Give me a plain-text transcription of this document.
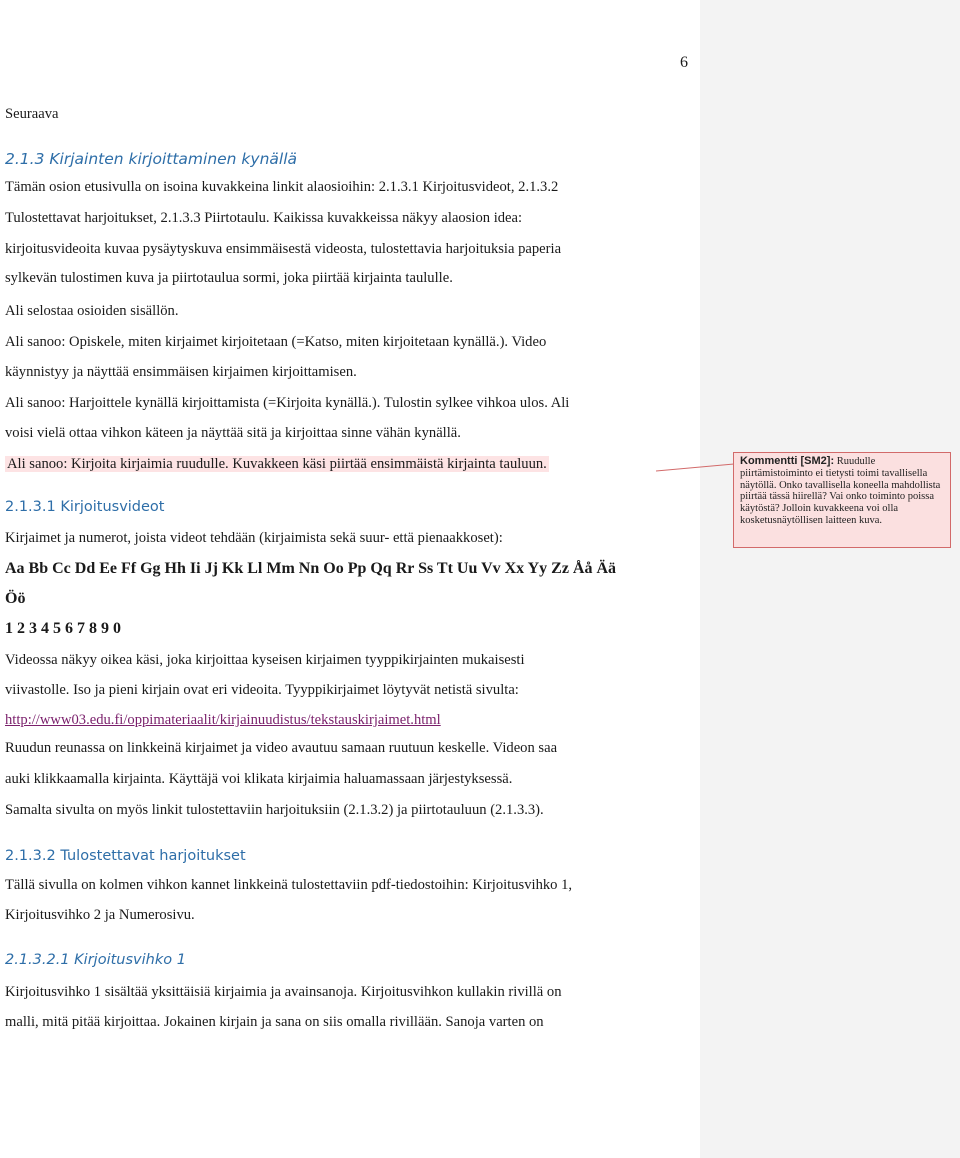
6
Seuraava
Tämän osion etusivulla on isoina kuvakkeina linkit alaosioihin: 2.1.3.1 Kirjoitusvideot, 2.1.3.2
Tulostettavat harjoitukset, 2.1.3.3 Piirtotaulu. Kaikissa kuvakkeissa näkyy alaosion idea:
kirjoitusvideoita kuvaa pysäytyskuva ensimmäisestä videosta, tulostettavia harjoituksia paperia
sylkevän tulostimen kuva ja piirtotaulua sormi, joka piirtää kirjainta taululle.
Ali selostaa osioiden sisällön.
Ali sanoo: Opiskele, miten kirjaimet kirjoitetaan (=Katso, miten kirjoitetaan kynällä.). Video
käynnistyy ja näyttää ensimmäisen kirjaimen kirjoittamisen.
Ali sanoo: Harjoittele kynällä kirjoittamista (=Kirjoita kynällä.). Tulostin sylkee vihkoa ulos. Ali
voisi vielä ottaa vihkon käteen ja näyttää sitä ja kirjoittaa sinne vähän kynällä.
Kirjaimet ja numerot, joista videot tehdään (kirjaimista sekä suur- että pienaakkoset):
Videossa näkyy oikea käsi, joka kirjoittaa kyseisen kirjaimen tyyppikirjainten mukaisesti
viivastolle. Iso ja pieni kirjain ovat eri videoita. Tyyppikirjaimet löytyvät netistä sivulta:
Ruudun reunassa on linkkeinä kirjaimet ja video avautuu samaan ruutuun keskelle. Videon saa
auki klikkaamalla kirjainta. Käyttäjä voi klikata kirjaimia haluamassaan järjestyksessä.
Samalta sivulta on myös linkit tulostettaviin harjoituksiin (2.1.3.2) ja piirtotauluun (2.1.3.3).
Tällä sivulla on kolmen vihkon kannet linkkeinä tulostettaviin pdf-tiedostoihin: Kirjoitusvihko 1,
Kirjoitusvihko 2 ja Numerosivu.
Kirjoitusvihko 1 sisältää yksittäisiä kirjaimia ja avainsanoja. Kirjoitusvihkon kullakin rivillä on
malli, mitä pitää kirjoittaa. Jokainen kirjain ja sana on siis omalla rivillään. Sanoja varten on
2.1.3 Kirjainten kirjoittaminen kynällä
Ali sanoo: Kirjoita kirjaimia ruudulle. Kuvakkeen käsi piirtää ensimmäistä kirjainta tauluun.
2.1.3.1 Kirjoitusvideot
Aa Bb Cc Dd Ee Ff Gg Hh Ii Jj Kk Ll Mm Nn Oo Pp Qq Rr Ss Tt Uu Vv Xx Yy Zz Åå Ää
Öö
1 2 3 4 5 6 7 8 9 0
http://www03.edu.fi/oppimateriaalit/kirjainuudistus/tekstauskirjaimet.html
2.1.3.2 Tulostettavat harjoitukset
2.1.3.2.1 Kirjoitusvihko 1
Kommentti [SM2]: Ruudulle piirtämistoiminto ei tietysti toimi tavallisella näytöllä. Onko tavallisella koneella mahdollista piirtää tässä hiirellä? Vai onko toiminto poissa käytöstä? Jolloin kuvakkeena voi olla kosketusnäytöllisen laitteen kuva.
